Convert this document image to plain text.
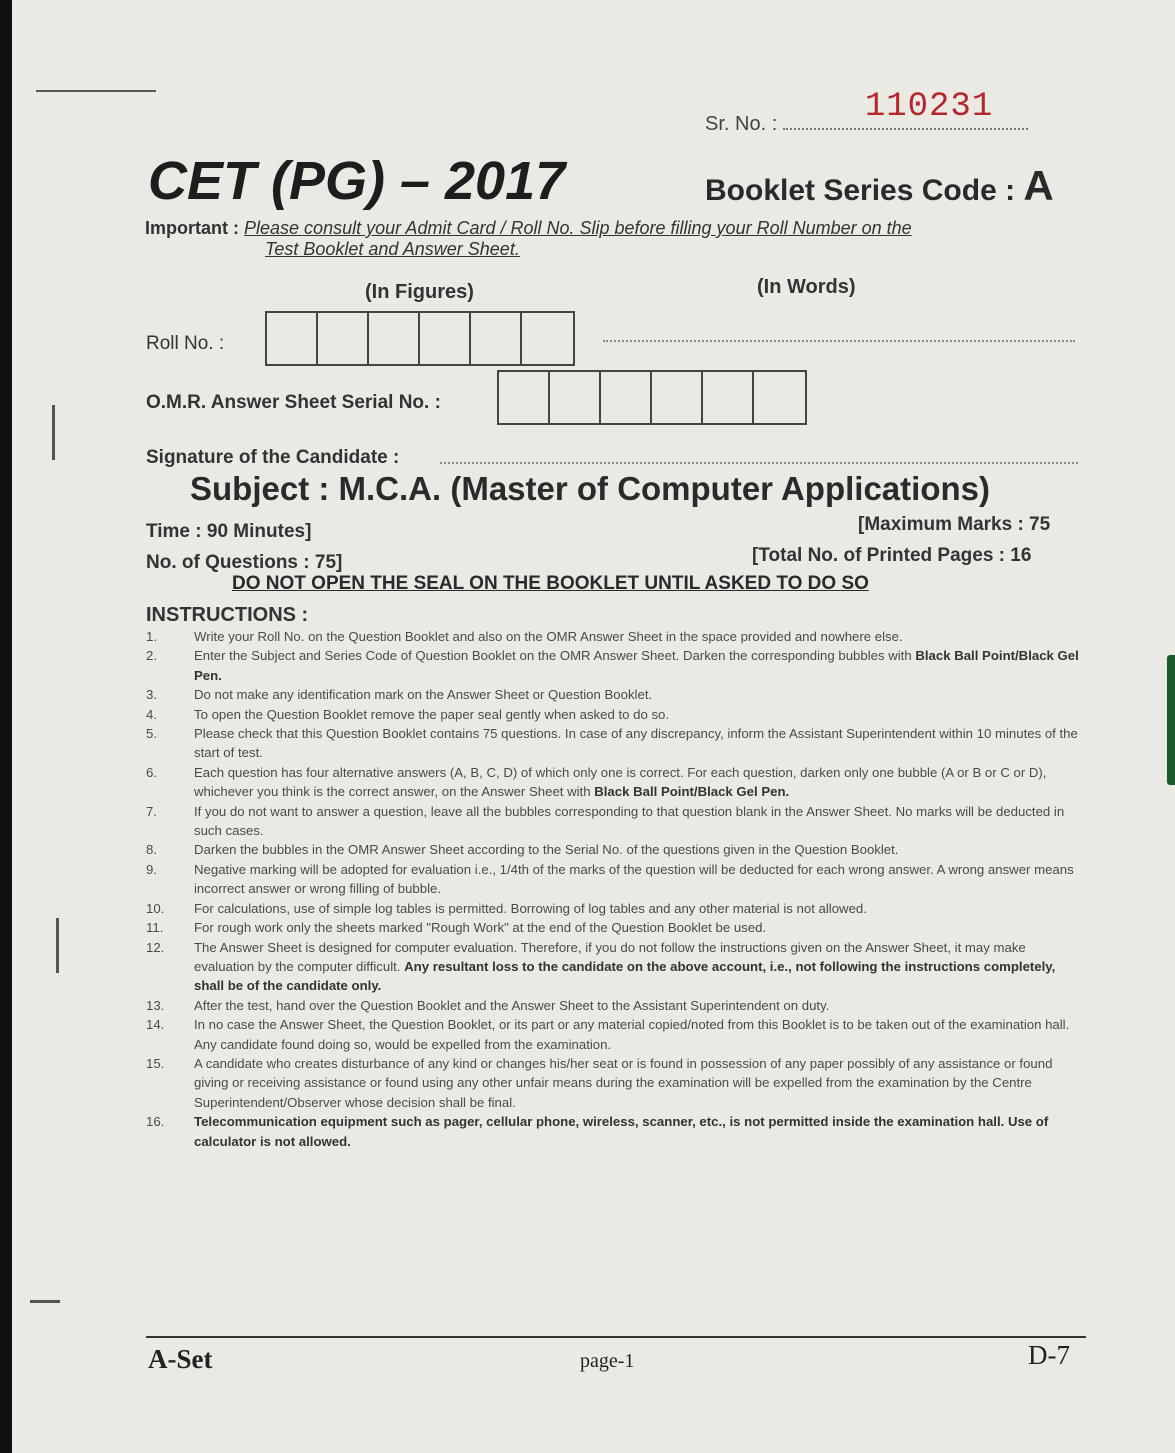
Sr. No. :	110231
CET (PG) – 2017	Booklet Series Code : A
Important : Please consult your Admit Card / Roll No. Slip before filling your Roll Number on the
Test Booklet and Answer Sheet.
(In Figures)	(In Words)
Roll No. :
O.M.R. Answer Sheet Serial No. :
Signature of the Candidate :
Subject : M.C.A. (Master of Computer Applications)
Time : 90 Minutes]	[Maximum Marks : 75
No. of Questions : 75]	[Total No. of Printed Pages : 16
DO NOT OPEN THE SEAL ON THE BOOKLET UNTIL ASKED TO DO SO
INSTRUCTIONS :
1.	Write your Roll No. on the Question Booklet and also on the OMR Answer Sheet in the space provided and nowhere else.
2.	Enter the Subject and Series Code of Question Booklet on the OMR Answer Sheet. Darken the corresponding bubbles with Black Ball Point/Black Gel Pen.
3.	Do not make any identification mark on the Answer Sheet or Question Booklet.
4.	To open the Question Booklet remove the paper seal gently when asked to do so.
5.	Please check that this Question Booklet contains 75 questions. In case of any discrepancy, inform the Assistant Superintendent within 10 minutes of the start of test.
6.	Each question has four alternative answers (A, B, C, D) of which only one is correct. For each question, darken only one bubble (A or B or C or D), whichever you think is the correct answer, on the Answer Sheet with Black Ball Point/Black Gel Pen.
7.	If you do not want to answer a question, leave all the bubbles corresponding to that question blank in the Answer Sheet. No marks will be deducted in such cases.
8.	Darken the bubbles in the OMR Answer Sheet according to the Serial No. of the questions given in the Question Booklet.
9.	Negative marking will be adopted for evaluation i.e., 1/4th of the marks of the question will be deducted for each wrong answer. A wrong answer means incorrect answer or wrong filling of bubble.
10.	For calculations, use of simple log tables is permitted. Borrowing of log tables and any other material is not allowed.
11.	For rough work only the sheets marked "Rough Work" at the end of the Question Booklet be used.
12.	The Answer Sheet is designed for computer evaluation. Therefore, if you do not follow the instructions given on the Answer Sheet, it may make evaluation by the computer difficult. Any resultant loss to the candidate on the above account, i.e., not following the instructions completely, shall be of the candidate only.
13.	After the test, hand over the Question Booklet and the Answer Sheet to the Assistant Superintendent on duty.
14.	In no case the Answer Sheet, the Question Booklet, or its part or any material copied/noted from this Booklet is to be taken out of the examination hall. Any candidate found doing so, would be expelled from the examination.
15.	A candidate who creates disturbance of any kind or changes his/her seat or is found in possession of any paper possibly of any assistance or found giving or receiving assistance or found using any other unfair means during the examination will be expelled from the examination by the Centre Superintendent/Observer whose decision shall be final.
16.	Telecommunication equipment such as pager, cellular phone, wireless, scanner, etc., is not permitted inside the examination hall. Use of calculator is not allowed.
A-Set	page-1	D-7
